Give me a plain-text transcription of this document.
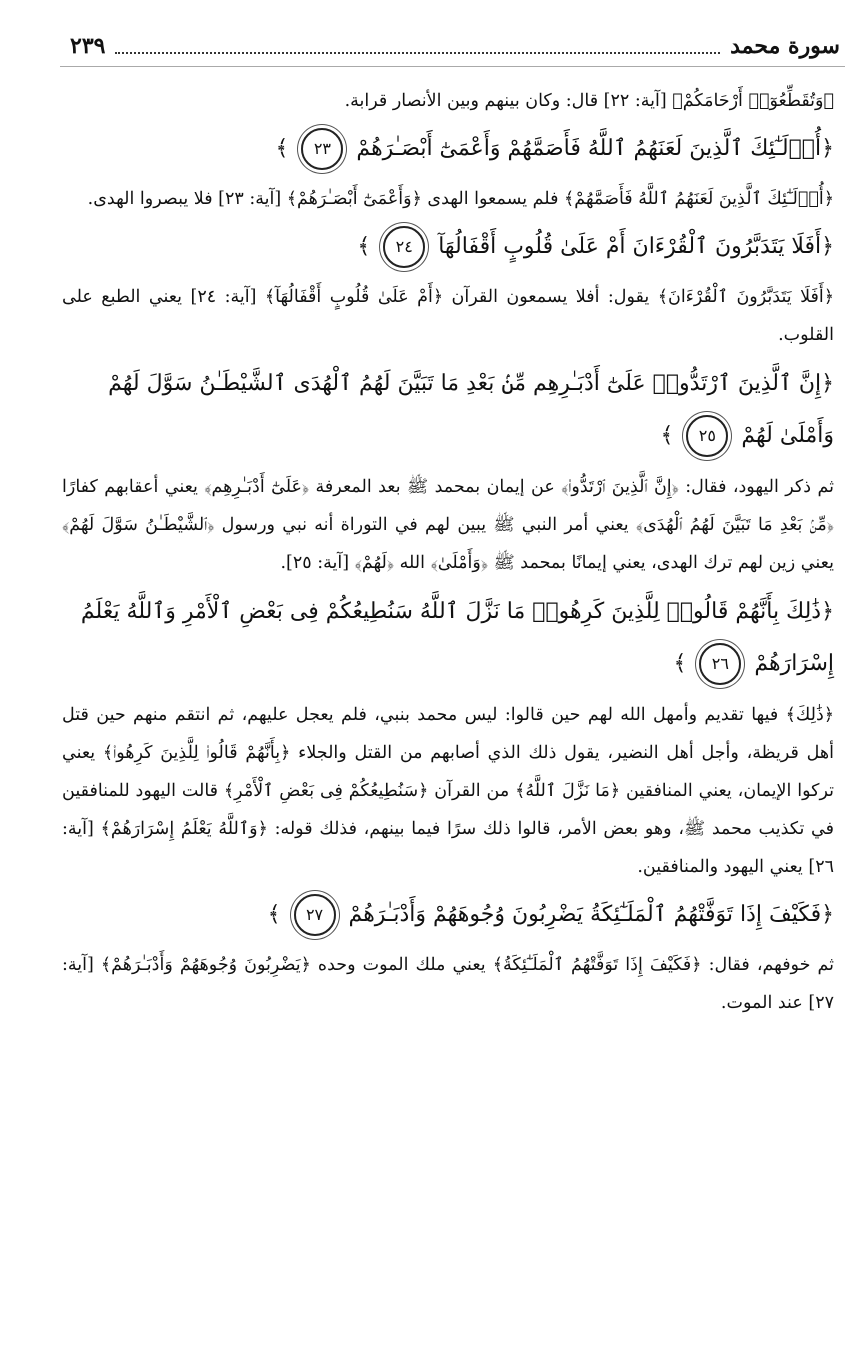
سورة محمد
٢٣٩

﴿وَتُقَطِّعُوٓا۟ أَرْحَامَكُمْ﴾ [آية: ٢٢] قال: وكان بينهم وبين الأنصار قرابة.

﴿أُو۟لَـٰٓئِكَ ٱلَّذِينَ لَعَنَهُمُ ٱللَّهُ فَأَصَمَّهُمْ وَأَعْمَىٰٓ أَبْصَـٰرَهُمْ ٢٣ ﴾

﴿أُو۟لَـٰٓئِكَ ٱلَّذِينَ لَعَنَهُمُ ٱللَّهُ فَأَصَمَّهُمْ﴾ فلم يسمعوا الهدى ﴿وَأَعْمَىٰٓ أَبْصَـٰرَهُمْ﴾ [آية: ٢٣] فلا يبصروا الهدى.

﴿أَفَلَا يَتَدَبَّرُونَ ٱلْقُرْءَانَ أَمْ عَلَىٰ قُلُوبٍ أَقْفَالُهَآ ٢٤ ﴾

﴿أَفَلَا يَتَدَبَّرُونَ ٱلْقُرْءَانَ﴾ يقول: أفلا يسمعون القرآن ﴿أَمْ عَلَىٰ قُلُوبٍ أَقْفَالُهَآ﴾ [آية: ٢٤] يعني الطبع على القلوب.

﴿إِنَّ ٱلَّذِينَ ٱرْتَدُّوا۟ عَلَىٰٓ أَدْبَـٰرِهِم مِّنۢ بَعْدِ مَا تَبَيَّنَ لَهُمُ ٱلْهُدَى ٱلشَّيْطَـٰنُ سَوَّلَ لَهُمْ وَأَمْلَىٰ لَهُمْ ٢٥ ﴾

ثم ذكر اليهود، فقال: ﴿إِنَّ ٱلَّذِينَ ٱرْتَدُّوا۟﴾ عن إيمان بمحمد ﷺ بعد المعرفة ﴿عَلَىٰٓ أَدْبَـٰرِهِم﴾ يعني أعقابهم كفارًا ﴿مِّنۢ بَعْدِ مَا تَبَيَّنَ لَهُمُ ٱلْهُدَى﴾ يعني أمر النبي ﷺ يبين لهم في التوراة أنه نبي ورسول ﴿ٱلشَّيْطَـٰنُ سَوَّلَ لَهُمْ﴾ يعني زين لهم ترك الهدى، يعني إيمانًا بمحمد ﷺ ﴿وَأَمْلَىٰ﴾ الله ﴿لَهُمْ﴾ [آية: ٢٥].

﴿ذَٰلِكَ بِأَنَّهُمْ قَالُوا۟ لِلَّذِينَ كَرِهُوا۟ مَا نَزَّلَ ٱللَّهُ سَنُطِيعُكُمْ فِى بَعْضِ ٱلْأَمْرِ وَٱللَّهُ يَعْلَمُ إِسْرَارَهُمْ ٢٦ ﴾

﴿ذَٰلِكَ﴾ فيها تقديم وأمهل الله لهم حين قالوا: ليس محمد بنبي، فلم يعجل عليهم، ثم انتقم منهم حين قتل أهل قريظة، وأجل أهل النضير، يقول ذلك الذي أصابهم من القتل والجلاء ﴿بِأَنَّهُمْ قَالُوا۟ لِلَّذِينَ كَرِهُوا۟﴾ يعني تركوا الإيمان، يعني المنافقين ﴿مَا نَزَّلَ ٱللَّهُ﴾ من القرآن ﴿سَنُطِيعُكُمْ فِى بَعْضِ ٱلْأَمْرِ﴾ قالت اليهود للمنافقين في تكذيب محمد ﷺ، وهو بعض الأمر، قالوا ذلك سرًا فيما بينهم، فذلك قوله: ﴿وَٱللَّهُ يَعْلَمُ إِسْرَارَهُمْ﴾ [آية: ٢٦] يعني اليهود والمنافقين.

﴿فَكَيْفَ إِذَا تَوَفَّتْهُمُ ٱلْمَلَـٰٓئِكَةُ يَضْرِبُونَ وُجُوهَهُمْ وَأَدْبَـٰرَهُمْ ٢٧ ﴾

ثم خوفهم، فقال: ﴿فَكَيْفَ إِذَا تَوَفَّتْهُمُ ٱلْمَلَـٰٓئِكَةُ﴾ يعني ملك الموت وحده ﴿يَضْرِبُونَ وُجُوهَهُمْ وَأَدْبَـٰرَهُمْ﴾ [آية: ٢٧] عند الموت.
